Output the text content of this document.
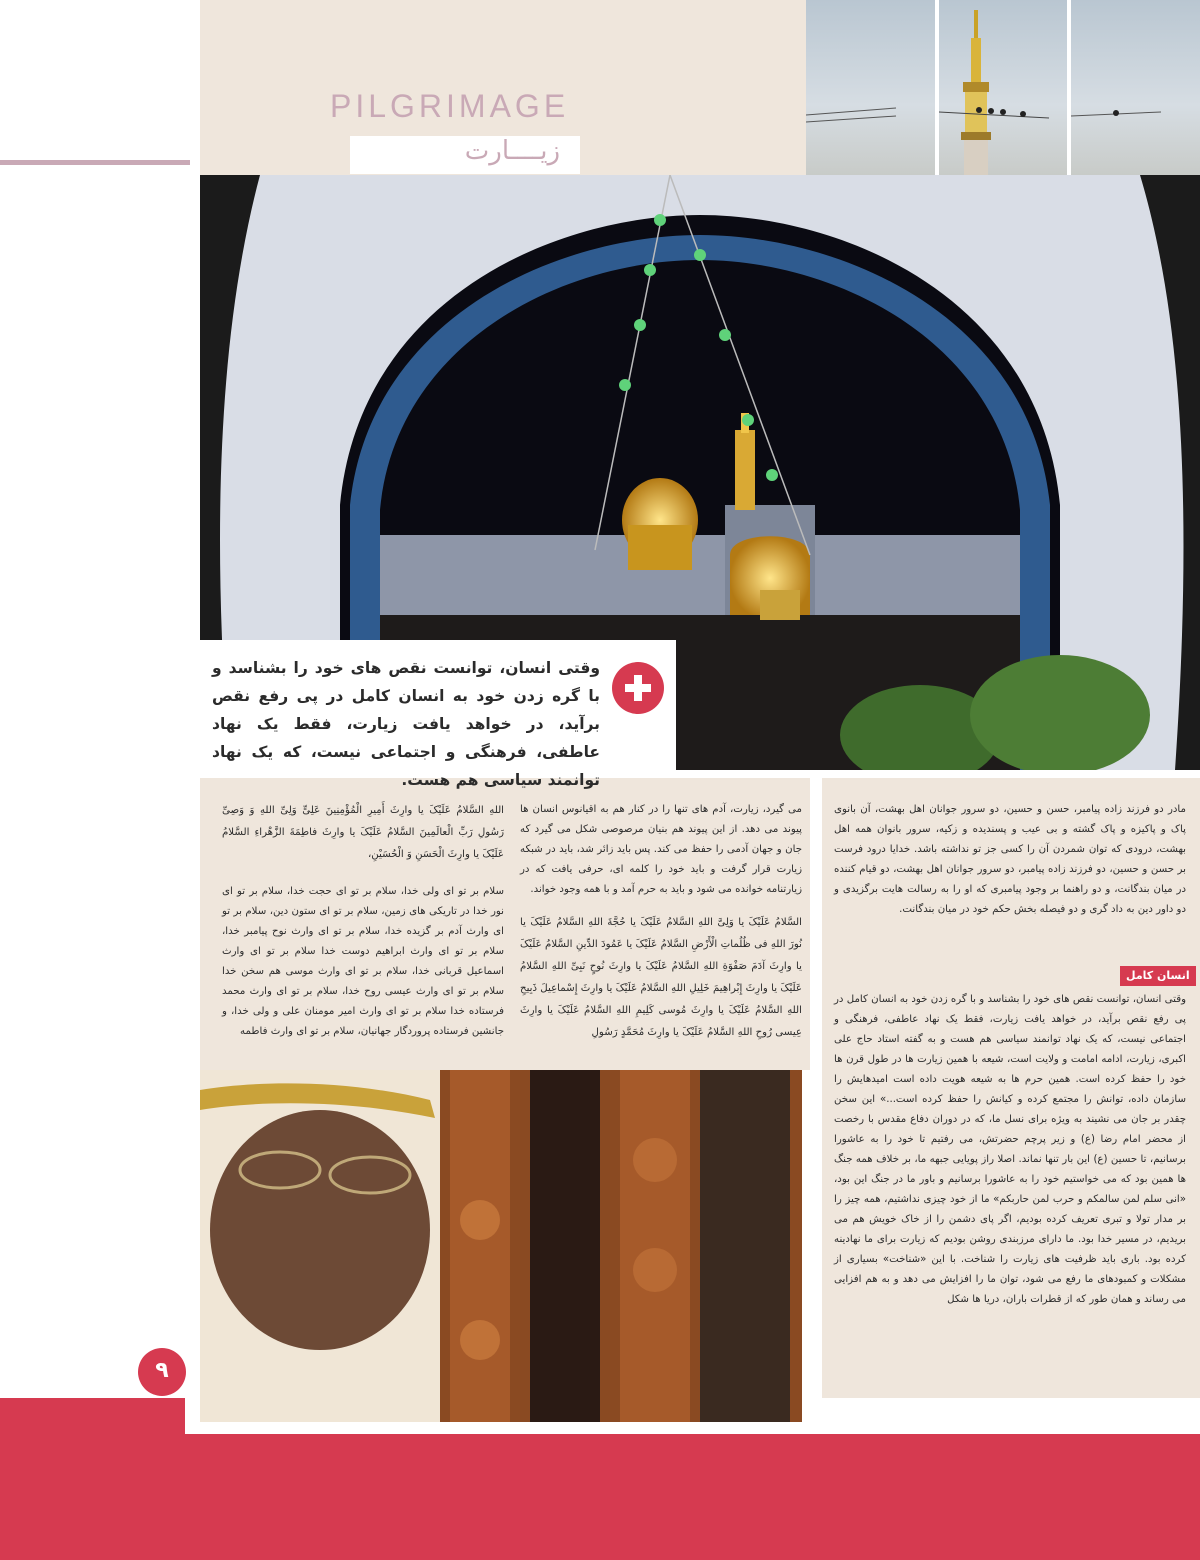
PILGRIMAGE
زیــــارت
وقتی انسان، توانست نقص های خود را بشناسد و با گره زدن خود به انسان کامل در پی رفع نقص برآید، در خواهد یافت زیارت، فقط یک نهاد عاطفی، فرهنگی و اجتماعی نیست، که یک نهاد توانمند سیاسی هم هست.
مادر دو فرزند زاده پیامبر، حسن و حسین، دو سرور جوانان اهل بهشت، آن بانوی پاک و پاکیزه و پاک گشته و بی عیب و پسندیده و زکیه، سرور بانوان همه اهل بهشت، درودی که توان شمردن آن را کسی جز تو نداشته باشد. خدایا درود فرست بر حسن و حسین، دو فرزند زاده پیامبر، دو سرور جوانان اهل بهشت، دو قیام کننده در میان بندگانت، و دو راهنما بر وجود پیامبری که او را به رسالت هایت برگزیدی و دو داور دین به داد گری و دو فیصله بخش حکم خود در میان بندگانت.
انسان کامل
وقتی انسان، توانست نقص های خود را بشناسد و با گره زدن خود به انسان کامل در پی رفع نقص برآید، در خواهد یافت زیارت، فقط یک نهاد عاطفی، فرهنگی و اجتماعی نیست، که یک نهاد توانمند سیاسی هم هست و به گفته استاد حاج علی اکبری، زیارت، ادامه امامت و ولایت است، شیعه با همین زیارت ها در طول قرن ها خود را حفظ کرده است. همین حرم ها به شیعه هویت داده است امیدهایش را سازمان داده، توانش را مجتمع کرده و کیانش را حفظ کرده است...» این سخن چقدر بر جان می نشیند به ویژه برای نسل ما، که در دوران دفاع مقدس با رخصت از محضر امام رضا (ع) و زیر پرچم حضرتش، می رفتیم تا خود را به عاشورا برسانیم، تا حسین (ع) این بار تنها نماند. اصلا راز پویایی جبهه ما، بر خلاف همه جنگ ها همین بود که می خواستیم خود را به عاشورا برسانیم و باور ما در جنگ این بود، «انی سلم لمن سالمکم و حرب لمن حاربکم» ما از خود چیزی نداشتیم، همه چیز را بر مدار تولا و تبری تعریف کرده بودیم، اگر پای دشمن را از خاک خویش هم می بریدیم، در مسیر خدا بود. ما دارای مرزبندی روشن بودیم که زیارت برای ما نهادینه کرده بود. باری باید ظرفیت های زیارت را شناخت. با این «شناخت» بسیاری از مشکلات و کمبودهای ما رفع می شود، توان ما را افزایش می دهد و به هم افزایی می رساند و همان طور که از قطرات باران، دریا ها شکل
می گیرد، زیارت، آدم های تنها را در کنار هم به اقیانوس انسان ها پیوند می دهد. از این پیوند هم بنیان مرصوصی شکل می گیرد که جان و جهان آدمی را حفظ می کند. پس باید زائر شد، باید در شبکه زیارت قرار گرفت و باید خود را کلمه ای، حرفی یافت که در زیارتنامه خوانده می شود و باید به حرم آمد و با همه وجود خواند.
السَّلامُ عَلَیْکَ یا وَلِیَّ اللهِ السَّلامُ عَلَیْکَ یا حُجَّةَ اللهِ السَّلامُ عَلَیْکَ یا نُورَ اللهِ فی ظُلُماتِ الْأَرْضِ السَّلامُ عَلَیْکَ یا عَمُودَ الدِّینِ السَّلامُ عَلَیْکَ یا وارِثَ آدَمَ صَفْوَةِ اللهِ السَّلامُ عَلَیْکَ یا وارِثَ نُوحٍ نَبِیِّ اللهِ السَّلامُ عَلَیْکَ یا وارِثَ إِبْراهِیمَ خَلِیلِ اللهِ السَّلامُ عَلَیْکَ یا وارِثَ إِسْماعِیلَ ذَبِیحِ اللهِ السَّلامُ عَلَیْکَ یا وارِثَ مُوسی کَلِیمِ اللهِ السَّلامُ عَلَیْکَ یا وارِثَ عِیسی رُوحِ اللهِ السَّلامُ عَلَیْکَ یا وارِثَ مُحَمَّدٍ رَسُولِ
اللهِ السَّلامُ عَلَیْکَ یا وارِثَ أَمِیرِ الْمُؤْمِنِینَ عَلِیٍّ وَلِیِّ اللهِ وَ وَصِیِّ رَسُولِ رَبِّ الْعالَمِینَ السَّلامُ عَلَیْکَ یا وارِثَ فاطِمَةَ الزَّهْراءِ السَّلامُ عَلَیْکَ یا وارِثَ الْحَسَنِ وَ الْحُسَیْنِ،
سلام بر تو ای ولی خدا، سلام بر تو ای حجت خدا، سلام بر تو ای نور خدا در تاریکی های زمین، سلام بر تو ای ستون دین، سلام بر تو ای وارث آدم بر گزیده خدا، سلام بر تو ای وارث نوح پیامبر خدا، سلام بر تو ای وارث ابراهیم دوست خدا سلام بر تو ای وارث اسماعیل قربانی خدا، سلام بر تو ای وارث موسی هم سخن خدا سلام بر تو ای وارث عیسی روح خدا، سلام بر تو ای وارث محمد فرستاده خدا سلام بر تو ای وارث امیر مومنان علی و ولی خدا، و جانشین فرستاده پروردگار جهانیان، سلام بر تو ای وارث فاطمه
۹
